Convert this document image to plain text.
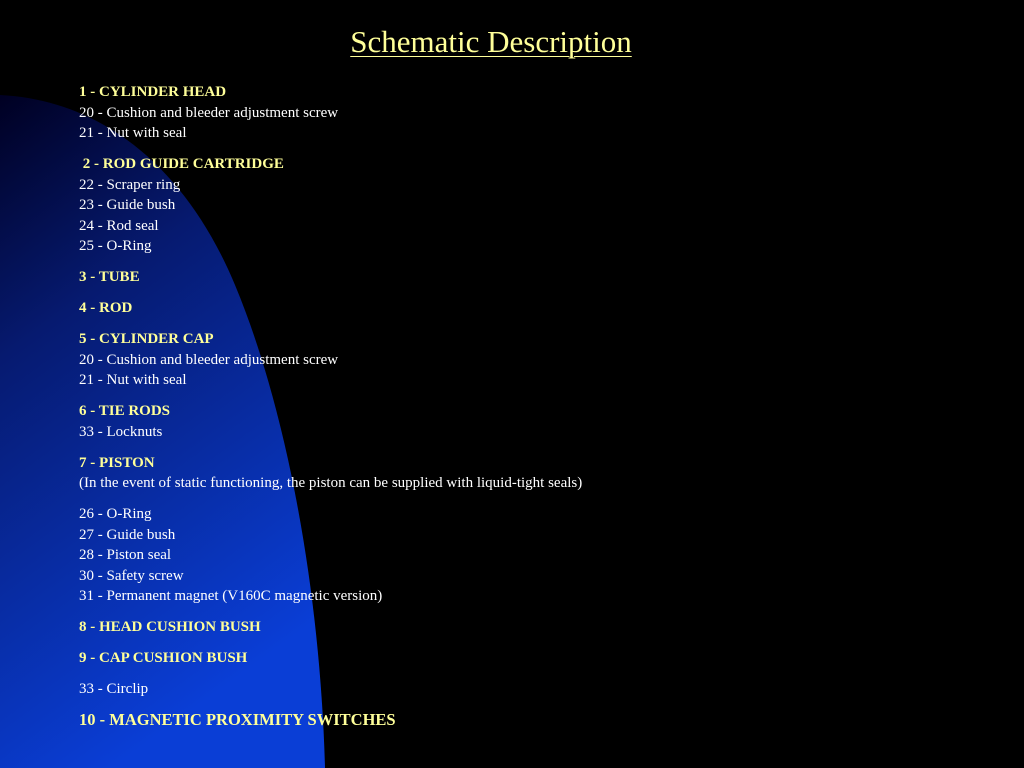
Schematic Description
1 - CYLINDER HEAD
20 - Cushion and bleeder adjustment screw
21 - Nut with seal
2 - ROD GUIDE CARTRIDGE
22 - Scraper ring
23 - Guide bush
24 - Rod seal
25 - O-Ring
3 - TUBE
4 - ROD
5 - CYLINDER CAP
20 - Cushion and bleeder adjustment screw
21 - Nut with seal
6 - TIE RODS
33 - Locknuts
7 - PISTON
(In the event of static functioning, the piston can be supplied with liquid-tight seals)
26 - O-Ring
27 - Guide bush
28 - Piston seal
30 - Safety screw
31 - Permanent magnet (V160C magnetic version)
8 - HEAD CUSHION BUSH
9 - CAP CUSHION BUSH
33 - Circlip
10 - MAGNETIC PROXIMITY SWITCHES
